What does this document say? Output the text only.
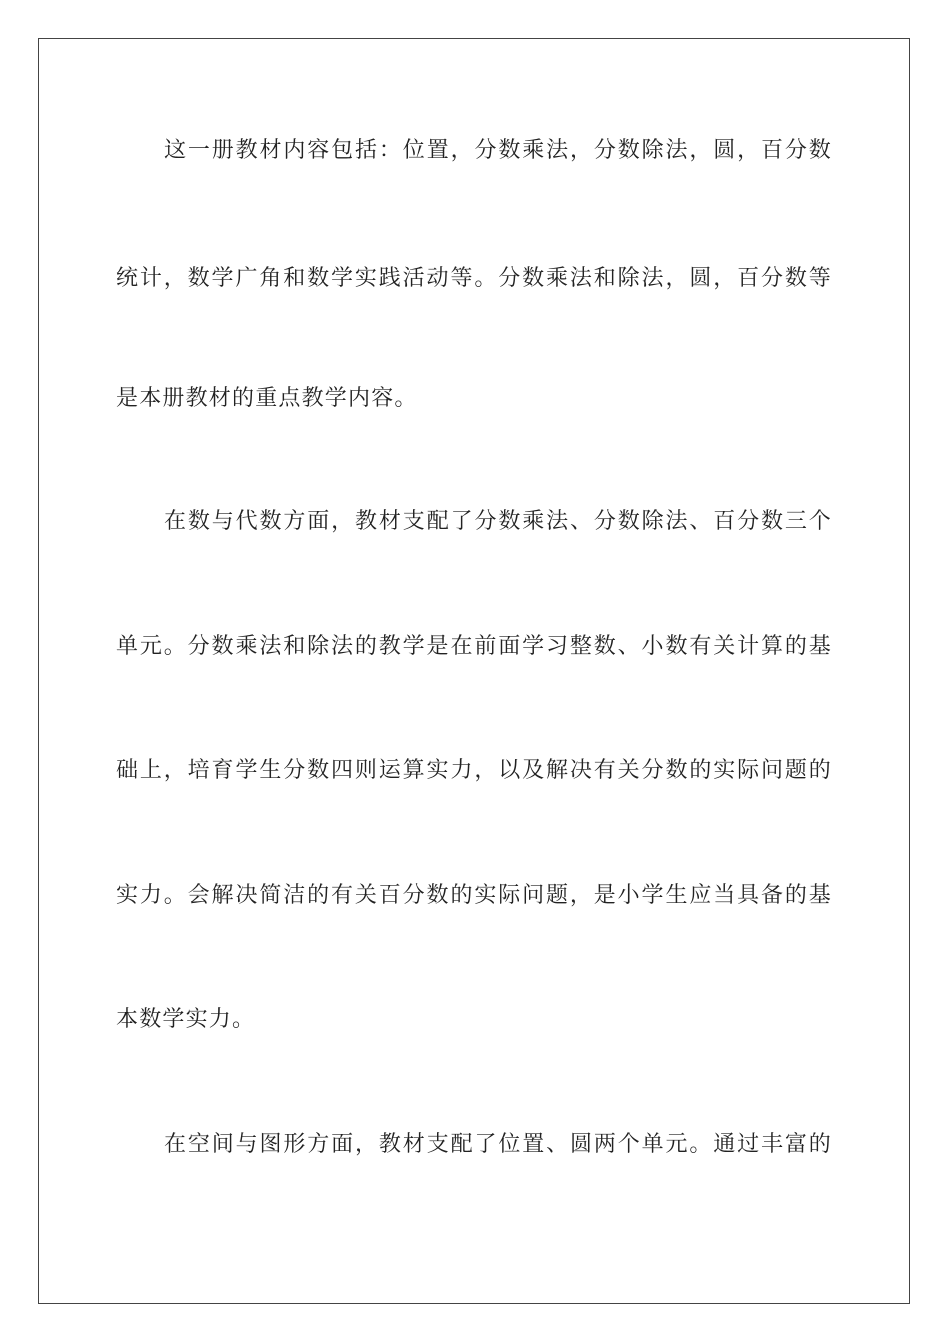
这一册教材内容包括：位置，分数乘法，分数除法，圆，百分数
统计，数学广角和数学实践活动等。分数乘法和除法，圆，百分数等
是本册教材的重点教学内容。
在数与代数方面，教材支配了分数乘法、分数除法、百分数三个
单元。分数乘法和除法的教学是在前面学习整数、小数有关计算的基
础上，培育学生分数四则运算实力，以及解决有关分数的实际问题的
实力。会解决简洁的有关百分数的实际问题，是小学生应当具备的基
本数学实力。
在空间与图形方面，教材支配了位置、圆两个单元。通过丰富的
